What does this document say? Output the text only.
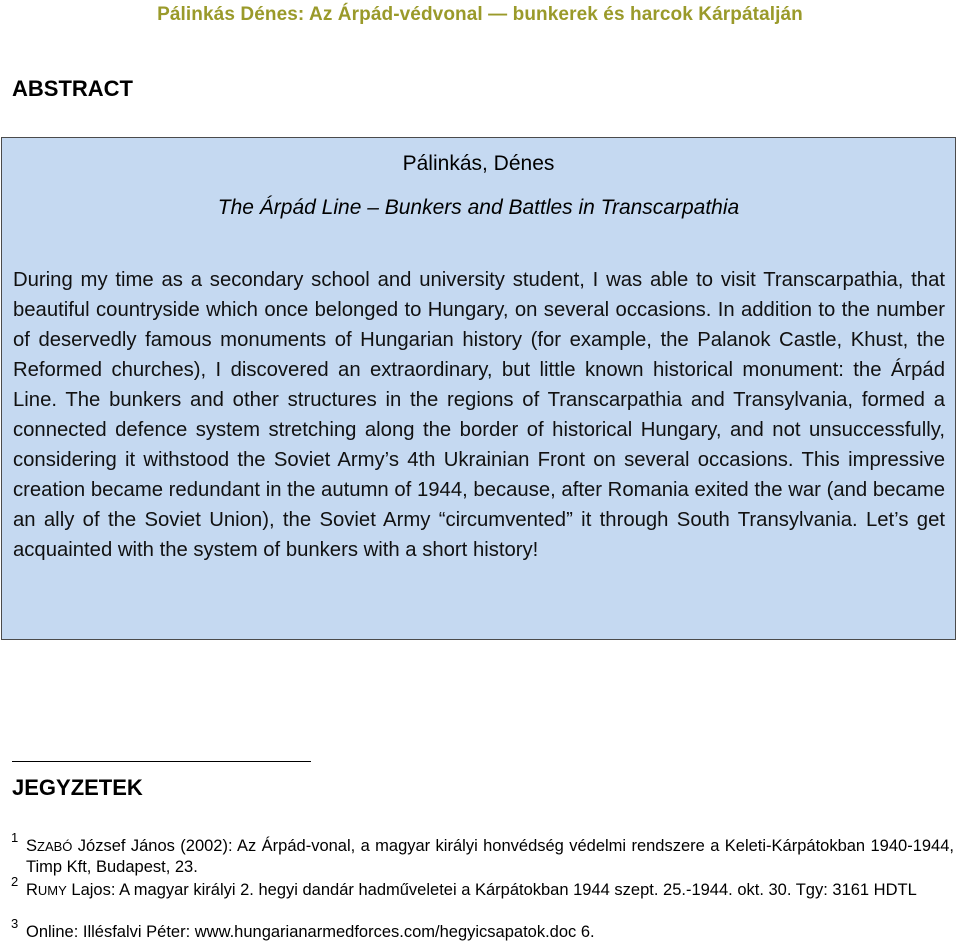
Pálinkás Dénes: Az Árpád-védvonal — bunkerek és harcok Kárpátalján
ABSTRACT
Pálinkás, Dénes
The Árpád Line – Bunkers and Battles in Transcarpathia

During my time as a secondary school and university student, I was able to visit Transcarpathia, that beautiful countryside which once belonged to Hungary, on several occasions. In addition to the number of deservedly famous monuments of Hungarian history (for example, the Palanok Castle, Khust, the Reformed churches), I discovered an extraordinary, but little known historical monument: the Árpád Line. The bunkers and other structures in the regions of Transcarpathia and Transylvania, formed a connected defence system stretching along the border of historical Hungary, and not unsuccessfully, considering it withstood the Soviet Army’s 4th Ukrainian Front on several occasions. This impressive creation became redundant in the autumn of 1944, because, after Romania exited the war (and became an ally of the Soviet Union), the Soviet Army “circumvented” it through South Transylvania. Let’s get acquainted with the system of bunkers with a short history!

JEGYZETEK
1 SZABÓ József János (2002): Az Árpád-vonal, a magyar királyi honvédség védelmi rendszere a Keleti-Kárpátokban 1940-1944, Timp Kft, Budapest, 23.
2 RUMY Lajos: A magyar királyi 2. hegyi dandár hadműveletei a Kárpátokban 1944 szept. 25.-1944. okt. 30. Tgy: 3161 HDTL
3 Online: Illésfalvi Péter: www.hungarianarmedforces.com/hegyicsapatok.doc 6.
